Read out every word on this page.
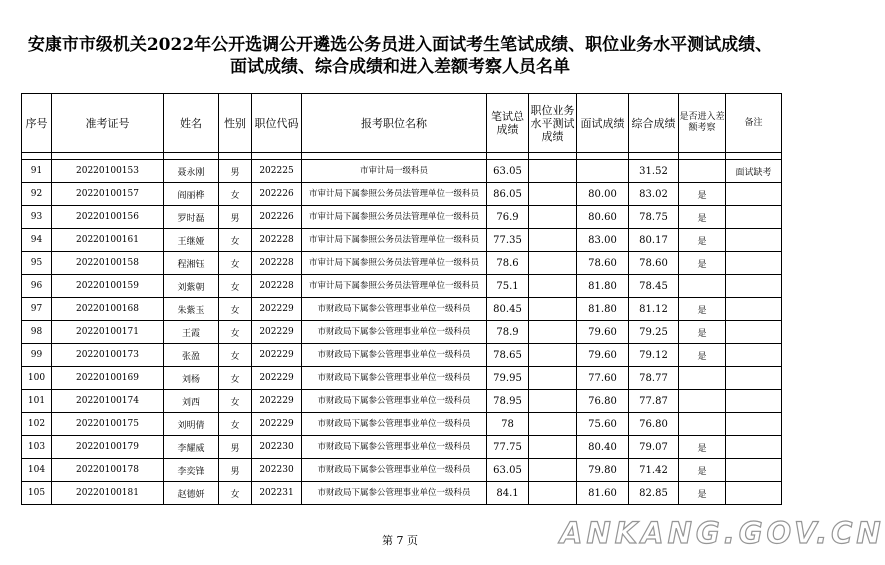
安康市市级机关2022年公开选调公开遴选公务员进入面试考生笔试成绩、职位业务水平测试成绩、
面试成绩、综合成绩和进入差额考察人员名单
序号	准考证号	姓名	性别	职位代码	报考职位名称	笔试总成绩	职位业务水平测试成绩	面试成绩	综合成绩	是否进入差额考察	备注

91	20220100153	聂永刚	男	202225	市审计局一级科员	63.05			31.52		面试缺考
92	20220100157	阎丽桦	女	202226	市审计局下属参照公务员法管理单位一级科员	86.05		80.00	83.02	是	
93	20220100156	罗时磊	男	202226	市审计局下属参照公务员法管理单位一级科员	76.9		80.60	78.75	是	
94	20220100161	王继娅	女	202228	市审计局下属参照公务员法管理单位一级科员	77.35		83.00	80.17	是	
95	20220100158	程湘钰	女	202228	市审计局下属参照公务员法管理单位一级科员	78.6		78.60	78.60	是	
96	20220100159	刘紫朝	女	202228	市审计局下属参照公务员法管理单位一级科员	75.1		81.80	78.45		
97	20220100168	朱紫玉	女	202229	市财政局下属参公管理事业单位一级科员	80.45		81.80	81.12	是	
98	20220100171	王霞	女	202229	市财政局下属参公管理事业单位一级科员	78.9		79.60	79.25	是	
99	20220100173	张盈	女	202229	市财政局下属参公管理事业单位一级科员	78.65		79.60	79.12	是	
100	20220100169	刘杨	女	202229	市财政局下属参公管理事业单位一级科员	79.95		77.60	78.77		
101	20220100174	刘西	女	202229	市财政局下属参公管理事业单位一级科员	78.95		76.80	77.87		
102	20220100175	刘明倩	女	202229	市财政局下属参公管理事业单位一级科员	78		75.60	76.80		
103	20220100179	李耀威	男	202230	市财政局下属参公管理事业单位一级科员	77.75		80.40	79.07	是	
104	20220100178	李奕锋	男	202230	市财政局下属参公管理事业单位一级科员	63.05		79.80	71.42	是	
105	20220100181	赵德妍	女	202231	市财政局下属参公管理事业单位一级科员	84.1		81.60	82.85	是	
第 7 页	ANKANG.GOV.CN
